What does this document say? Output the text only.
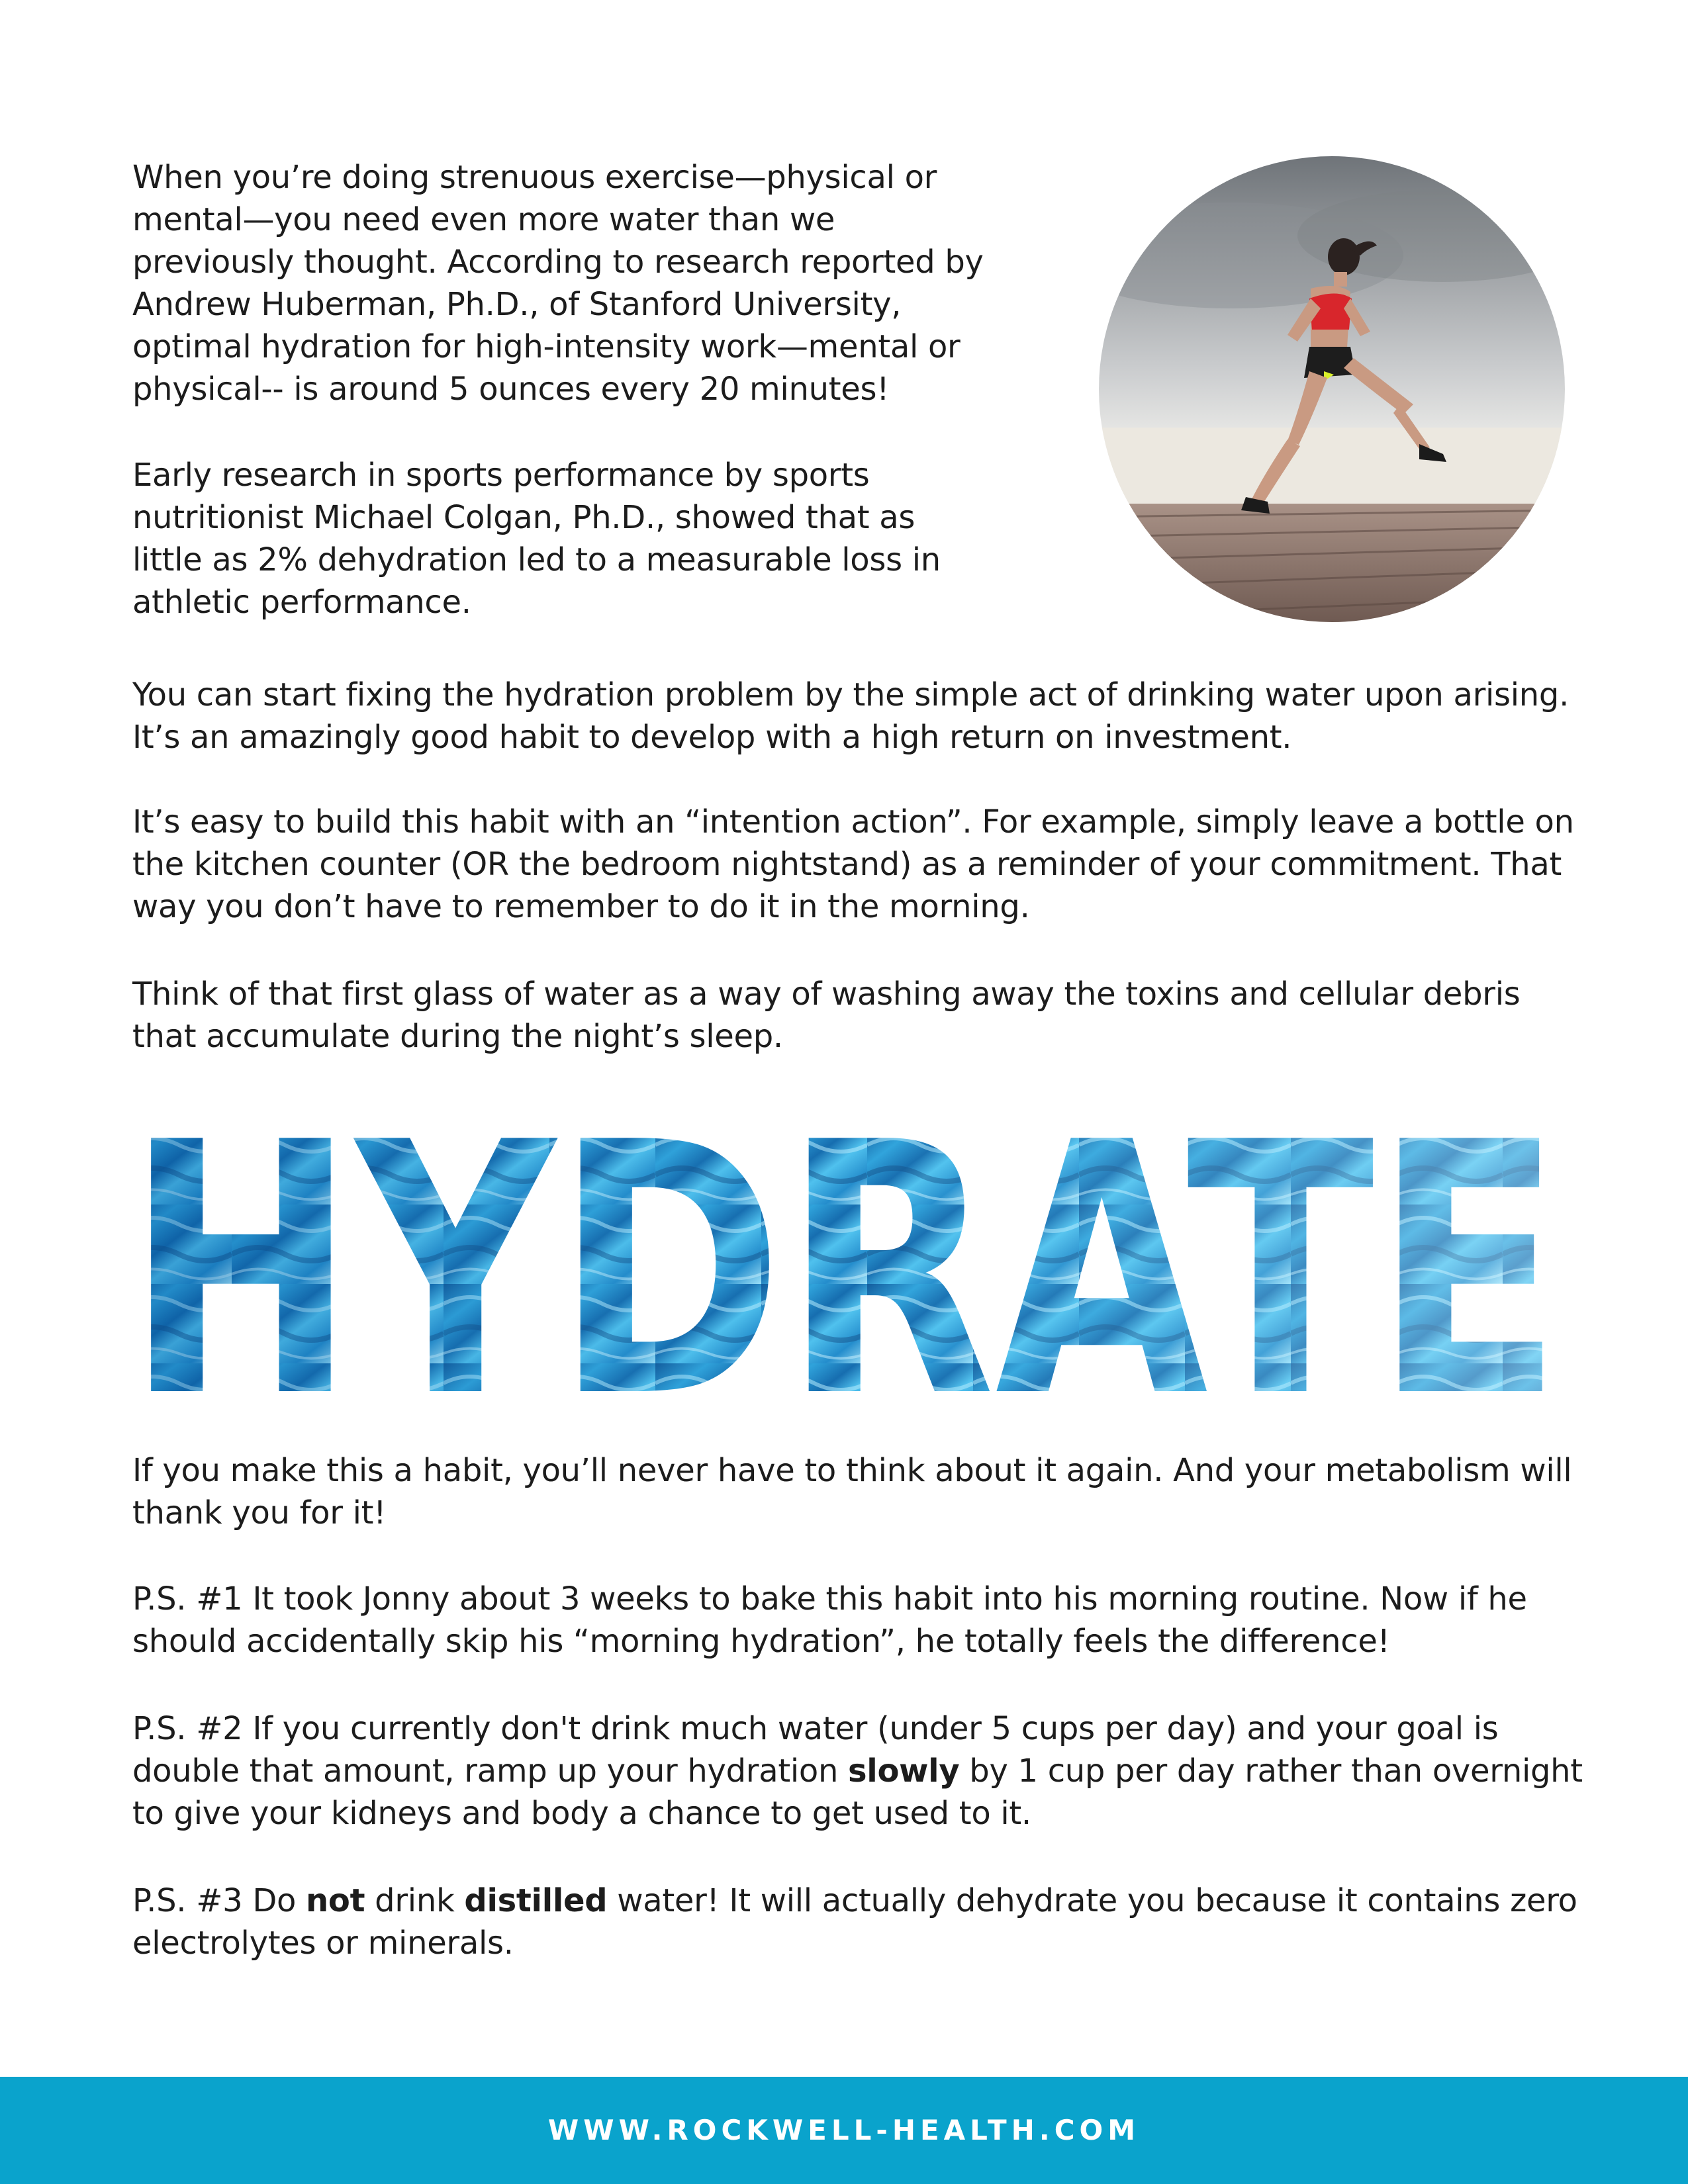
When you’re doing strenuous exercise—physical or mental—you need even more water than we previously thought. According to research reported by Andrew Huberman, Ph.D., of Stanford University, optimal hydration for high-intensity work—mental or physical-- is around 5 ounces every 20 minutes!

Early research in sports performance by sports nutritionist Michael Colgan, Ph.D., showed that as little as 2% dehydration led to a measurable loss in athletic performance.

You can start fixing the hydration problem by the simple act of drinking water upon arising. It’s an amazingly good habit to develop with a high return on investment.

It’s easy to build this habit with an “intention action”. For example, simply leave a bottle on the kitchen counter (OR the bedroom nightstand) as a reminder of your commitment. That way you don’t have to remember to do it in the morning.

Think of that first glass of water as a way of washing away the toxins and cellular debris that accumulate during the night’s sleep.

If you make this a habit, you’ll never have to think about it again. And your metabolism will thank you for it!

P.S. #1 It took Jonny about 3 weeks to bake this habit into his morning routine. Now if he should accidentally skip his “morning hydration”, he totally feels the difference!

P.S. #2 If you currently don't drink much water (under 5 cups per day) and your goal is double that amount, ramp up your hydration slowly by 1 cup per day rather than overnight to give your kidneys and body a chance to get used to it.

P.S. #3 Do not drink distilled water! It will actually dehydrate you because it contains zero electrolytes or minerals.

WWW.ROCKWELL-HEALTH.COM
